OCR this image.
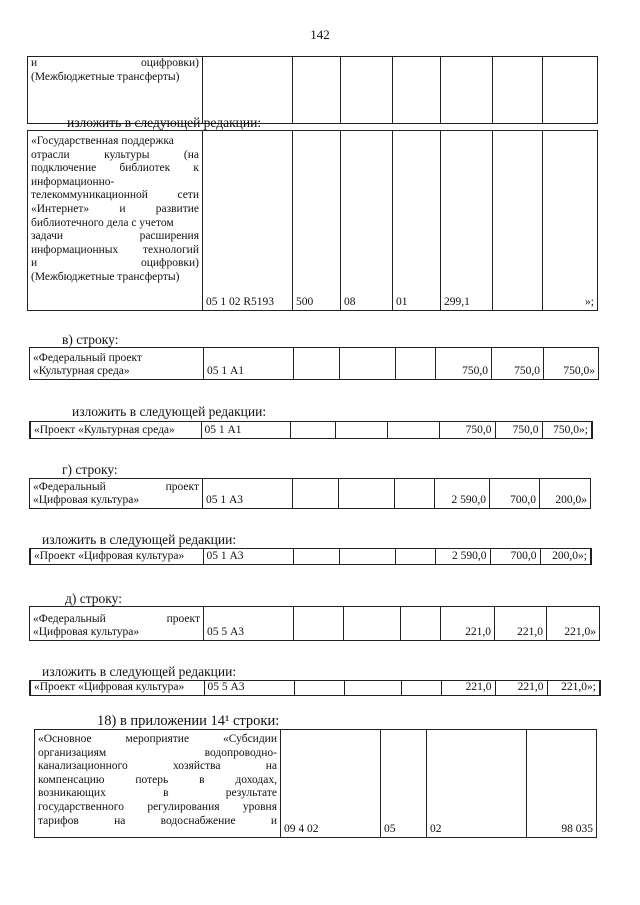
142
и оцифровки)
(Межбюджетные трансферты)

изложить в следующей редакции:
«Государственная поддержка
отрасли культуры (на
подключение библиотек к
информационно-
телекоммуникационной сети
«Интернет» и развитие
библиотечного дела с учетом
задачи расширения
информационных технологий
и оцифровки)
(Межбюджетные трансферты)
	05 1 02 R5193	500	08	01	299,1		»;
в) строку:
«Федеральный проект
«Культурная среда»	05 1 А1				750,0	750,0	750,0»
изложить в следующей редакции:
«Проект «Культурная среда»	05 1 А1				750,0	750,0	750,0»;
г) строку:
«Федеральный проект
«Цифровая культура»	05 1 А3				2 590,0	700,0	200,0»
изложить в следующей редакции:
«Проект «Цифровая культура»	05 1 А3				2 590,0	700,0	200,0»;
д) строку:
«Федеральный проект
«Цифровая культура»	05 5 А3				221,0	221,0	221,0»
изложить в следующей редакции:
«Проект «Цифровая культура»	05 5 А3				221,0	221,0	221,0»;
18) в приложении 14¹ строки:
«Основное мероприятие «Субсидии
организациям водопроводно-
канализационного хозяйства на
компенсацию потерь в доходах,
возникающих в результате
государственного регулирования уровня
тарифов на водоснабжение и
	09 4 02	05	02	98 035
